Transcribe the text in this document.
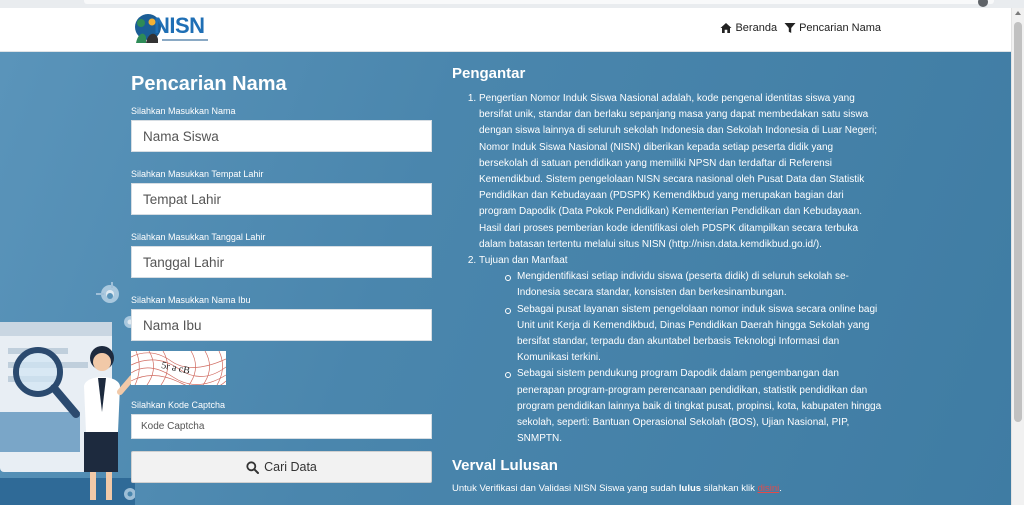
NISN	Beranda Pencarian Nama
Pencarian Nama
Silahkan Masukkan Nama
Nama Siswa
Silahkan Masukkan Tempat Lahir
Tempat Lahir
Silahkan Masukkan Tanggal Lahir
Tanggal Lahir
Silahkan Masukkan Nama Ibu
Nama Ibu
5r a cB
Silahkan Kode Captcha
Kode Captcha
Cari Data
Pengantar
1. Pengertian Nomor Induk Siswa Nasional adalah, kode pengenal identitas siswa yang bersifat unik, standar dan berlaku sepanjang masa yang dapat membedakan satu siswa dengan siswa lainnya di seluruh sekolah Indonesia dan Sekolah Indonesia di Luar Negeri; Nomor Induk Siswa Nasional (NISN) diberikan kepada setiap peserta didik yang bersekolah di satuan pendidikan yang memiliki NPSN dan terdaftar di Referensi Kemendikbud. Sistem pengelolaan NISN secara nasional oleh Pusat Data dan Statistik Pendidikan dan Kebudayaan (PDSPK) Kemendikbud yang merupakan bagian dari program Dapodik (Data Pokok Pendidikan) Kementerian Pendidikan dan Kebudayaan. Hasil dari proses pemberian kode identifikasi oleh PDSPK ditampilkan secara terbuka dalam batasan tertentu melalui situs NISN (http://nisn.data.kemdikbud.go.id/).
2. Tujuan dan Manfaat
Mengidentifikasi setiap individu siswa (peserta didik) di seluruh sekolah se-Indonesia secara standar, konsisten dan berkesinambungan.
Sebagai pusat layanan sistem pengelolaan nomor induk siswa secara online bagi Unit unit Kerja di Kemendikbud, Dinas Pendidikan Daerah hingga Sekolah yang bersifat standar, terpadu dan akuntabel berbasis Teknologi Informasi dan Komunikasi terkini.
Sebagai sistem pendukung program Dapodik dalam pengembangan dan penerapan program-program perencanaan pendidikan, statistik pendidikan dan program pendidikan lainnya baik di tingkat pusat, propinsi, kota, kabupaten hingga sekolah, seperti: Bantuan Operasional Sekolah (BOS), Ujian Nasional, PIP, SNMPTN.
Verval Lulusan
Untuk Verifikasi dan Validasi NISN Siswa yang sudah lulus silahkan klik disini.
